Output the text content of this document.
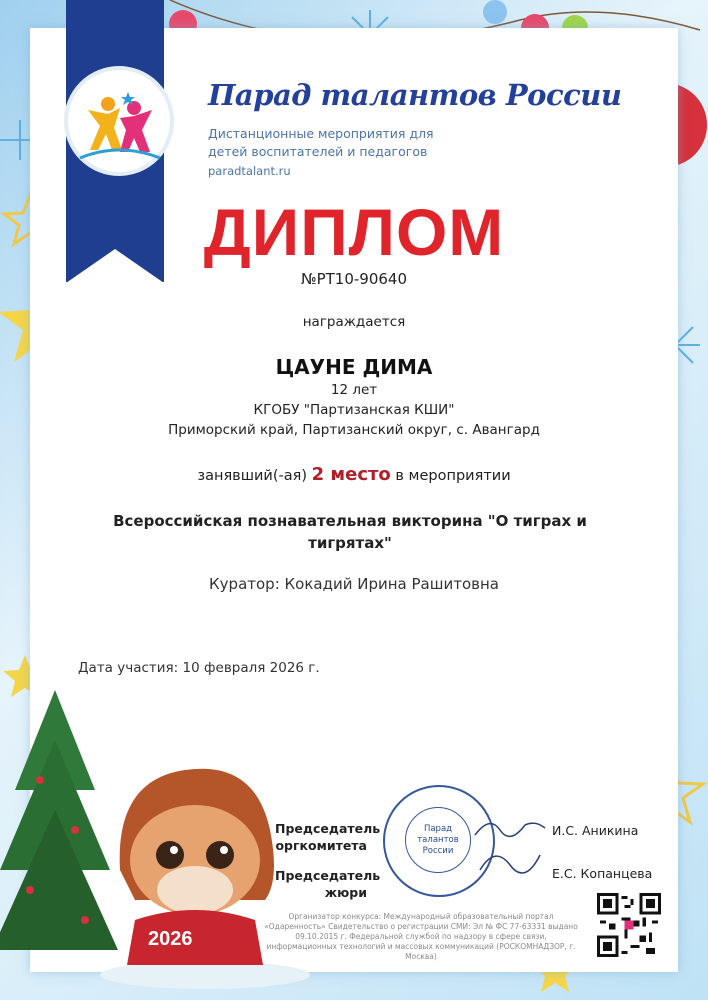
Парад талантов России
Дистанционные мероприятия для детей воспитателей и педагогов
paradtalant.ru
ДИПЛОМ
№РТ10-90640
награждается
ЦАУНЕ ДИМА
12 лет
КГОБУ "Партизанская КШИ"
Приморский край, Партизанский округ, с. Авангард
занявший(-ая) 2 место в мероприятии
Всероссийская познавательная викторина "О тиграх и тигрятах"
Куратор: Кокадий Ирина Рашитовна
Дата участия: 10 февраля 2026 г.
2026
Председатель оргкомитета
Председатель жюри
И.С. Аникина
Е.С. Копанцева
Парад талантов России
Организатор конкурса: Международный образовательный портал «Одаренность» Свидетельство о регистрации СМИ: Эл № ФС 77-63331 выдано 09.10.2015 г. Федеральной службой по надзору в сфере связи, информационных технологий и массовых коммуникаций (РОСКОМНАДЗОР, г. Москва)
